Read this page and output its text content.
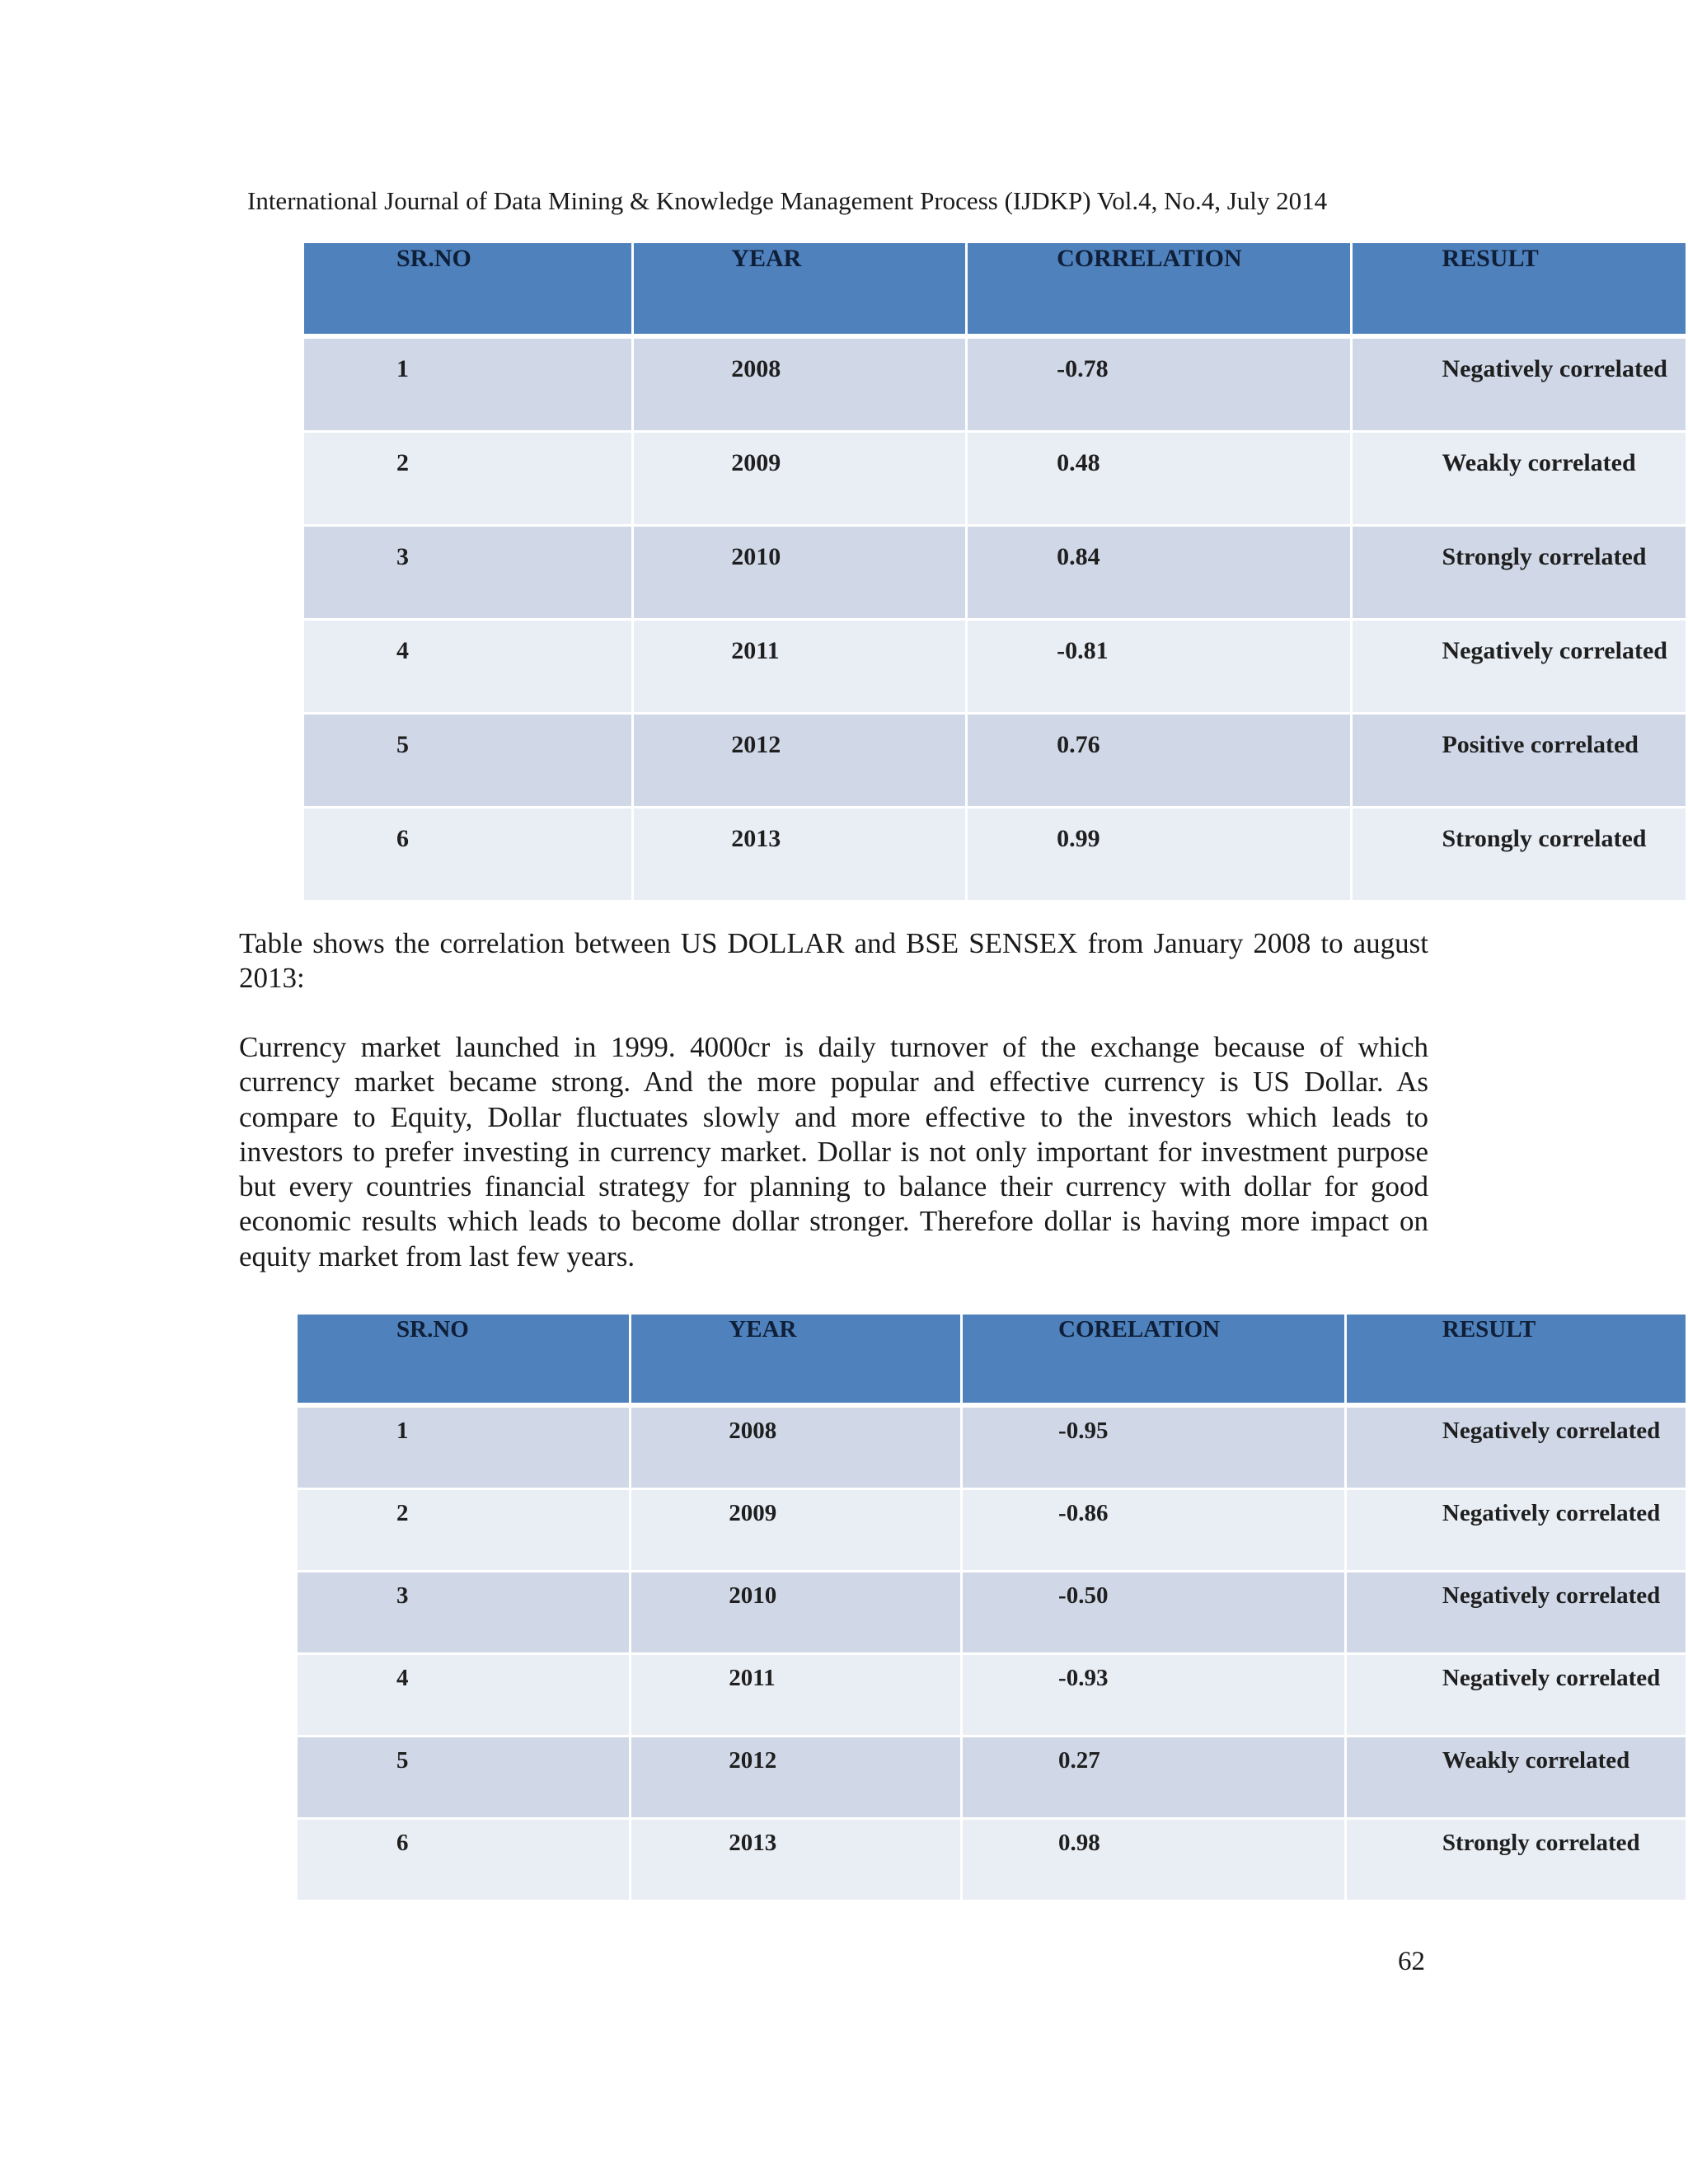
International Journal of Data Mining & Knowledge Management Process (IJDKP) Vol.4, No.4, July 2014
SR.NO	YEAR	CORRELATION	RESULT

1	2008	-0.78	Negatively correlated

2	2009	0.48	Weakly correlated

3	2010	0.84	Strongly correlated

4	2011	-0.81	Negatively correlated

5	2012	0.76	Positive correlated

6	2013	0.99	Strongly correlated

Table shows the correlation between US DOLLAR and BSE SENSEX from January 2008 to august 2013:

Currency market launched in 1999. 4000cr is daily turnover of the exchange because of which currency market became strong. And the more popular and effective currency is US Dollar. As compare to Equity, Dollar fluctuates slowly and more effective to the investors which leads to investors to prefer investing in currency market. Dollar is not only important for investment purpose but every countries financial strategy for planning to balance their currency with dollar for good economic results which leads to become dollar stronger. Therefore dollar is having more impact on equity market from last few years.

SR.NO	YEAR	CORELATION	RESULT

1	2008	-0.95	Negatively correlated

2	2009	-0.86	Negatively correlated

3	2010	-0.50	Negatively correlated

4	2011	-0.93	Negatively correlated

5	2012	0.27	Weakly correlated

6	2013	0.98	Strongly correlated
62
